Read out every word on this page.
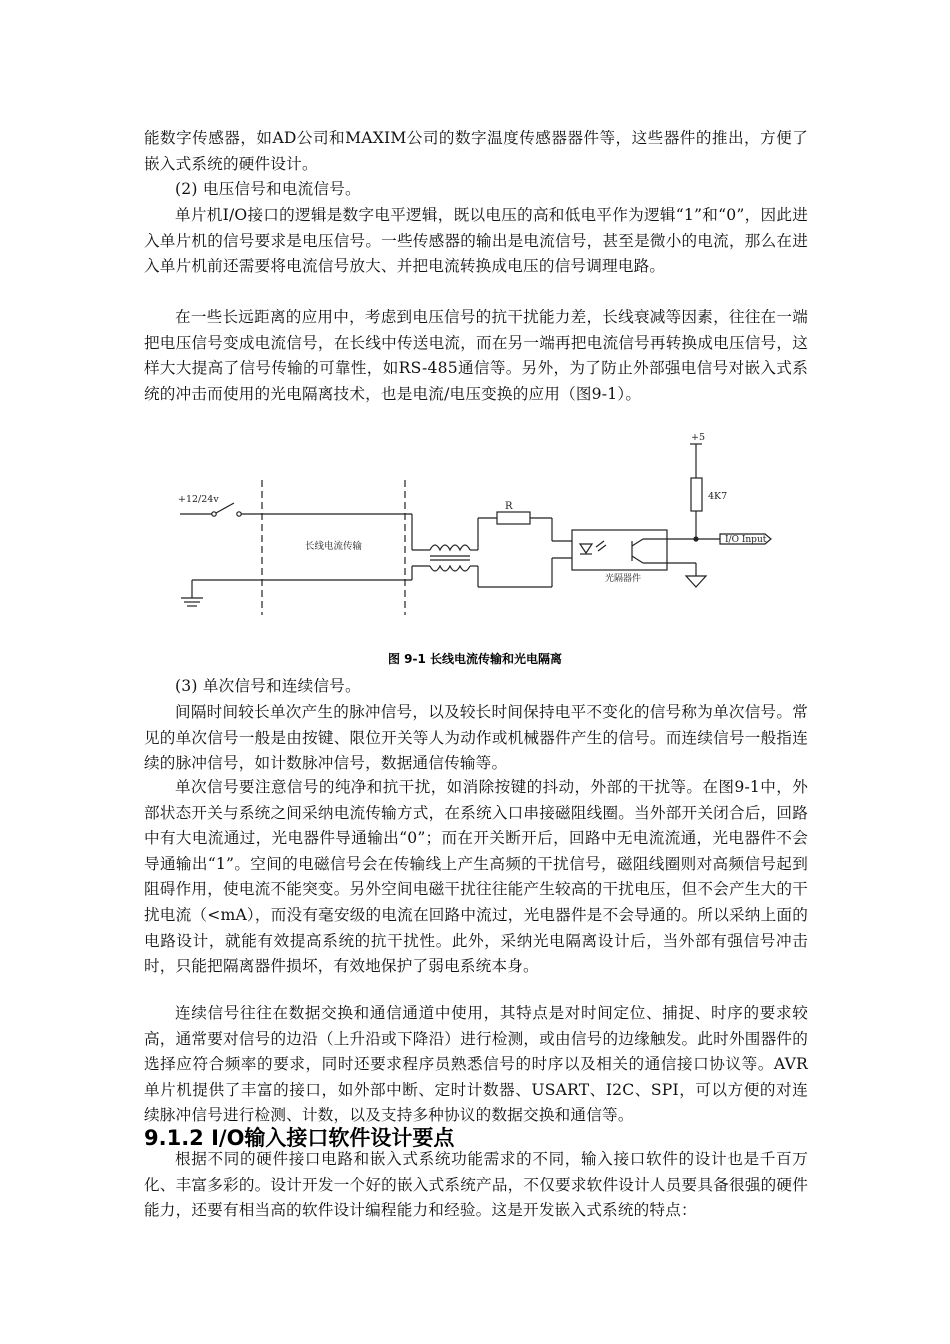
能数字传感器，如AD公司和MAXIM公司的数字温度传感器器件等，这些器件的推出，方便了嵌入式系统的硬件设计。

(2) 电压信号和电流信号。

单片机I/O接口的逻辑是数字电平逻辑，既以电压的高和低电平作为逻辑“1”和“0”，因此进入单片机的信号要求是电压信号。一些传感器的输出是电流信号，甚至是微小的电流，那么在进入单片机前还需要将电流信号放大、并把电流转换成电压的信号调理电路。

在一些长远距离的应用中，考虑到电压信号的抗干扰能力差，长线衰减等因素，往往在一端把电压信号变成电流信号，在长线中传送电流，而在另一端再把电流信号再转换成电压信号，这样大大提高了信号传输的可靠性，如RS-485通信等。另外，为了防止外部强电信号对嵌入式系统的冲击而使用的光电隔离技术，也是电流/电压变换的应用（图9-1）。

+12/24v
+5
R
4K7
长线电流传输
I/O Input
光隔器件
图 9-1 长线电流传输和光电隔离

(3) 单次信号和连续信号。

间隔时间较长单次产生的脉冲信号，以及较长时间保持电平不变化的信号称为单次信号。常见的单次信号一般是由按键、限位开关等人为动作或机械器件产生的信号。而连续信号一般指连续的脉冲信号，如计数脉冲信号，数据通信传输等。

单次信号要注意信号的纯净和抗干扰，如消除按键的抖动，外部的干扰等。在图9-1中，外部状态开关与系统之间采纳电流传输方式，在系统入口串接磁阻线圈。当外部开关闭合后，回路中有大电流通过，光电器件导通输出“0”；而在开关断开后，回路中无电流流通，光电器件不会导通输出“1”。空间的电磁信号会在传输线上产生高频的干扰信号，磁阻线圈则对高频信号起到阻碍作用，使电流不能突变。另外空间电磁干扰往往能产生较高的干扰电压，但不会产生大的干扰电流（<mA），而没有毫安级的电流在回路中流过，光电器件是不会导通的。所以采纳上面的电路设计，就能有效提高系统的抗干扰性。此外，采纳光电隔离设计后，当外部有强信号冲击时，只能把隔离器件损坏，有效地保护了弱电系统本身。

连续信号往往在数据交换和通信通道中使用，其特点是对时间定位、捕捉、时序的要求较高，通常要对信号的边沿（上升沿或下降沿）进行检测，或由信号的边缘触发。此时外围器件的选择应符合频率的要求，同时还要求程序员熟悉信号的时序以及相关的通信接口协议等。AVR单片机提供了丰富的接口，如外部中断、定时计数器、USART、I2C、SPI，可以方便的对连续脉冲信号进行检测、计数，以及支持多种协议的数据交换和通信等。

9.1.2 I/O输入接口软件设计要点

根据不同的硬件接口电路和嵌入式系统功能需求的不同，输入接口软件的设计也是千百万化、丰富多彩的。设计开发一个好的嵌入式系统产品，不仅要求软件设计人员要具备很强的硬件能力，还要有相当高的软件设计编程能力和经验。这是开发嵌入式系统的特点：
